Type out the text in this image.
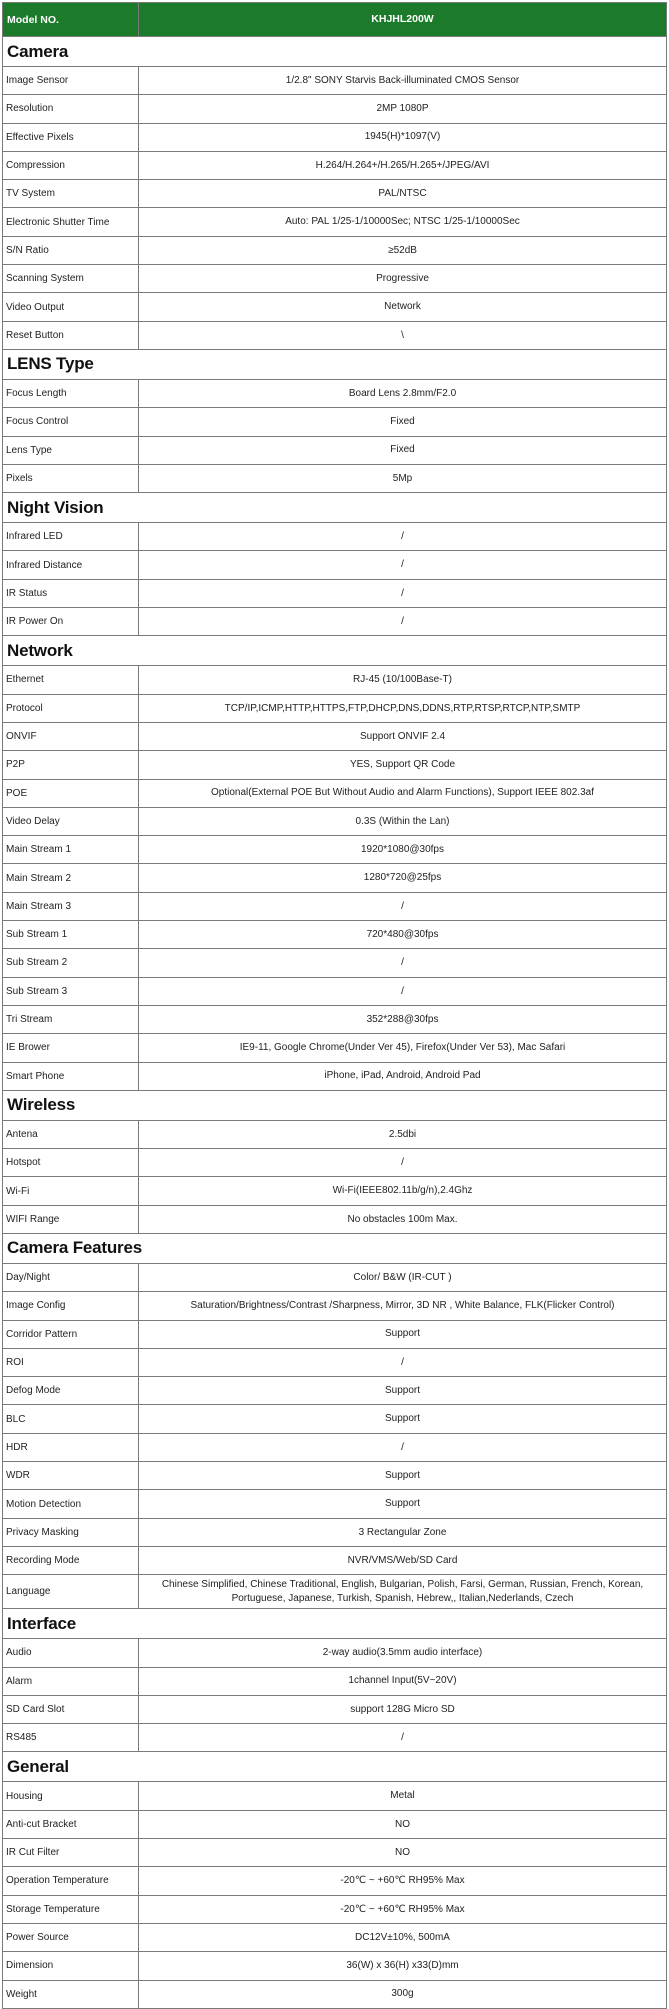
Model NO.	KHJHL200W
Camera	
Image Sensor	1/2.8" SONY Starvis Back-illuminated CMOS Sensor
Resolution	2MP 1080P
Effective Pixels	1945(H)*1097(V)
Compression	H.264/H.264+/H.265/H.265+/JPEG/AVI
TV System	PAL/NTSC
Electronic Shutter Time	Auto: PAL 1/25-1/10000Sec; NTSC 1/25-1/10000Sec
S/N Ratio	≥52dB
Scanning System	Progressive
Video Output	Network
Reset Button	\
LENS Type	
Focus Length	Board Lens 2.8mm/F2.0
Focus Control	Fixed
Lens Type	Fixed
Pixels	5Mp
Night Vision	
Infrared LED	/
Infrared Distance	/
IR Status	/
IR Power On	/
Network	
Ethernet	RJ-45 (10/100Base-T)
Protocol	TCP/IP,ICMP,HTTP,HTTPS,FTP,DHCP,DNS,DDNS,RTP,RTSP,RTCP,NTP,SMTP
ONVIF	Support ONVIF 2.4
P2P	YES, Support QR Code
POE	Optional(External POE But Without Audio and Alarm Functions), Support IEEE 802.3af
Video Delay	0.3S (Within the Lan)
Main Stream 1	1920*1080@30fps
Main Stream 2	1280*720@25fps
Main Stream 3	/
Sub Stream 1	720*480@30fps
Sub Stream 2	/
Sub Stream 3	/
Tri Stream	352*288@30fps
IE Brower	IE9-11, Google Chrome(Under Ver 45), Firefox(Under Ver 53), Mac Safari
Smart Phone	iPhone, iPad, Android, Android Pad
Wireless	
Antena	2.5dbi
Hotspot	/
Wi-Fi	Wi-Fi(IEEE802.11b/g/n),2.4Ghz
WIFI Range	No obstacles 100m Max.
Camera Features	
Day/Night	Color/ B&W (IR-CUT )
Image Config	Saturation/Brightness/Contrast /Sharpness, Mirror, 3D NR , White Balance, FLK(Flicker Control)
Corridor Pattern	Support
ROI	/
Defog Mode	Support
BLC	Support
HDR	/
WDR	Support
Motion Detection	Support
Privacy Masking	3 Rectangular Zone
Recording Mode	NVR/VMS/Web/SD Card
Language	Chinese Simplified, Chinese Traditional, English, Bulgarian, Polish, Farsi, German, Russian, French, Korean, Portuguese, Japanese, Turkish, Spanish, Hebrew,, Italian,Nederlands, Czech
Interface	
Audio	2-way audio(3.5mm audio interface)
Alarm	1channel Input(5V~20V)
SD Card Slot	support 128G Micro SD
RS485	/
General	
Housing	Metal
Anti-cut Bracket	NO
IR Cut Filter	NO
Operation Temperature	-20℃ ~ +60℃ RH95% Max
Storage Temperature	-20℃ ~ +60℃ RH95% Max
Power Source	DC12V±10%, 500mA
Dimension	36(W) x 36(H) x33(D)mm
Weight	300g
